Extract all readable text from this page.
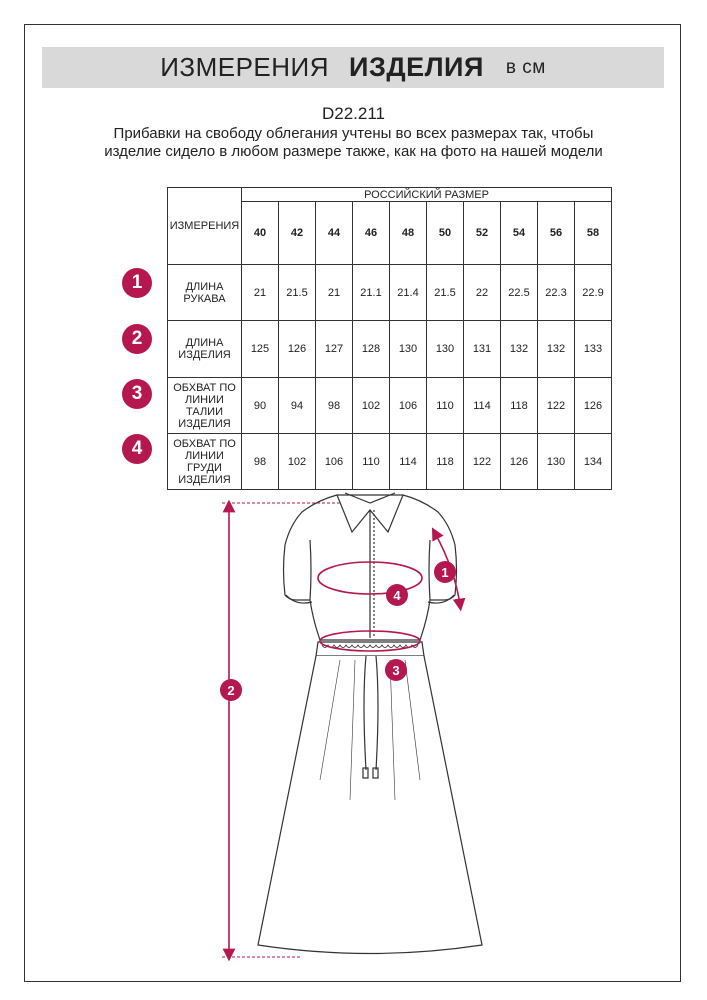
ИЗМЕРЕНИЯ ИЗДЕЛИЯ в см
D22.211
Прибавки на свободу облегания учтены во всех размерах так, чтобы изделие сидело в любом размере также, как на фото на нашей модели
ИЗМЕРЕНИЯ	РОССИЙСКИЙ РАЗМЕР									
	40	42	44	46	48	50	52	54	56	58

ДЛИНА
РУКАВА	21	21.5	21	21.1	21.4	21.5	22	22.5	22.3	22.9

ДЛИНА
ИЗДЕЛИЯ	125	126	127	128	130	130	131	132	132	133

ОБХВАТ ПО
ЛИНИИ
ТАЛИИ
ИЗДЕЛИЯ	90	94	98	102	106	110	114	118	122	126

ОБХВАТ ПО
ЛИНИИ
ГРУДИ
ИЗДЕЛИЯ	98	102	106	110	114	118	122	126	130	134
1
2
3
4
2
1
3
4
